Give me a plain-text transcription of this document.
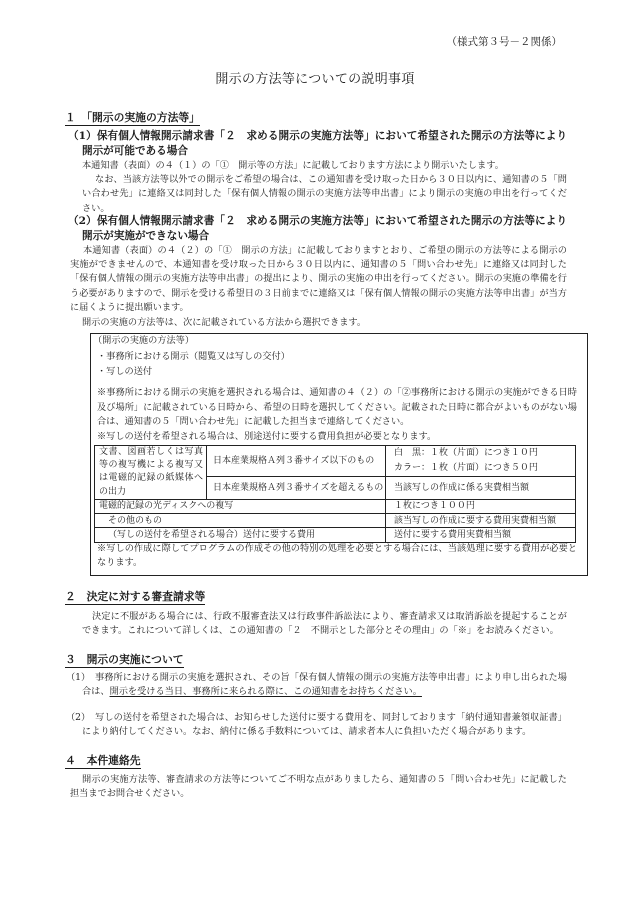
（様式第３号－２関係）
開示の方法等についての説明事項
１　「開示の実施の方法等」
（1）保有個人情報開示請求書「２　求める開示の実施方法等」において希望された開示の方法等により開示が可能である場合

本通知書（表面）の４（１）の「①　開示等の方法」に記載しております方法により開示いたします。

なお、当該方法等以外での開示をご希望の場合は、この通知書を受け取った日から３０日以内に、通知書の５「問い合わせ先」に連絡又は同封した「保有個人情報の開示の実施方法等申出書」により開示の実施の申出を行ってください。

（2）保有個人情報開示請求書「２　求める開示の実施方法等」において希望された開示の方法等により開示が実施ができない場合

本通知書（表面）の４（２）の「①　開示の方法」に記載しておりますとおり、ご希望の開示の方法等による開示の実施ができませんので、本通知書を受け取った日から３０日以内に、通知書の５「問い合わせ先」に連絡又は同封した「保有個人情報の開示の実施方法等申出書」の提出により、開示の実施の申出を行ってください。開示の実施の準備を行う必要がありますので、開示を受ける希望日の３日前までに連絡又は「保有個人情報の開示の実施方法等申出書」が当方に届くように提出願います。

開示の実施の方法等は、次に記載されている方法から選択できます。

（開示の実施の方法等）
・事務所における開示（閲覧又は写しの交付）
・写しの送付

※事務所における開示の実施を選択される場合は、通知書の４（２）の「②事務所における開示の実施ができる日時及び場所」に記載されている日時から、希望の日時を選択してください。記載された日時に都合がよいものがない場合は、通知書の５「問い合わせ先」に記載した担当まで連絡してください。

※写しの送付を希望される場合は、別途送付に要する費用負担が必要となります。

文書、図画若しくは写真等の複写機による複写又は電磁的記録の紙媒体への出力	日本産業規格Ａ列３番サイズ以下のもの	白　黒：１枚（片面）につき１０円
カラー：１枚（片面）につき５０円

	日本産業規格Ａ列３番サイズを超えるもの	当該写しの作成に係る実費相当額
電磁的記録の光ディスクへの複写		１枚につき１００円
その他のもの		該当写しの作成に要する費用実費相当額
（写しの送付を希望される場合）送付に要する費用		送付に要する費用実費相当額

※写しの作成に際してプログラムの作成その他の特別の処理を必要とする場合には、当該処理に要する費用が必要となります。

２　決定に対する審査請求等

決定に不服がある場合には、行政不服審査法又は行政事件訴訟法により、審査請求又は取消訴訟を提起することができます。これについて詳しくは、この通知書の「２　不開示とした部分とその理由」の「※」をお読みください。

３　開示の実施について

（1） 事務所における開示の実施を選択され、その旨「保有個人情報の開示の実施方法等申出書」により申し出られた場合は、開示を受ける当日、事務所に来られる際に、この通知書をお持ちください。

（2） 写しの送付を希望された場合は、お知らせした送付に要する費用を、同封しております「納付通知書兼領収証書」により納付してください。なお、納付に係る手数料については、請求者本人に負担いただく場合があります。

４　本件連絡先

開示の実施方法等、審査請求の方法等についてご不明な点がありましたら、通知書の５「問い合わせ先」に記載した担当までお問合せください。
